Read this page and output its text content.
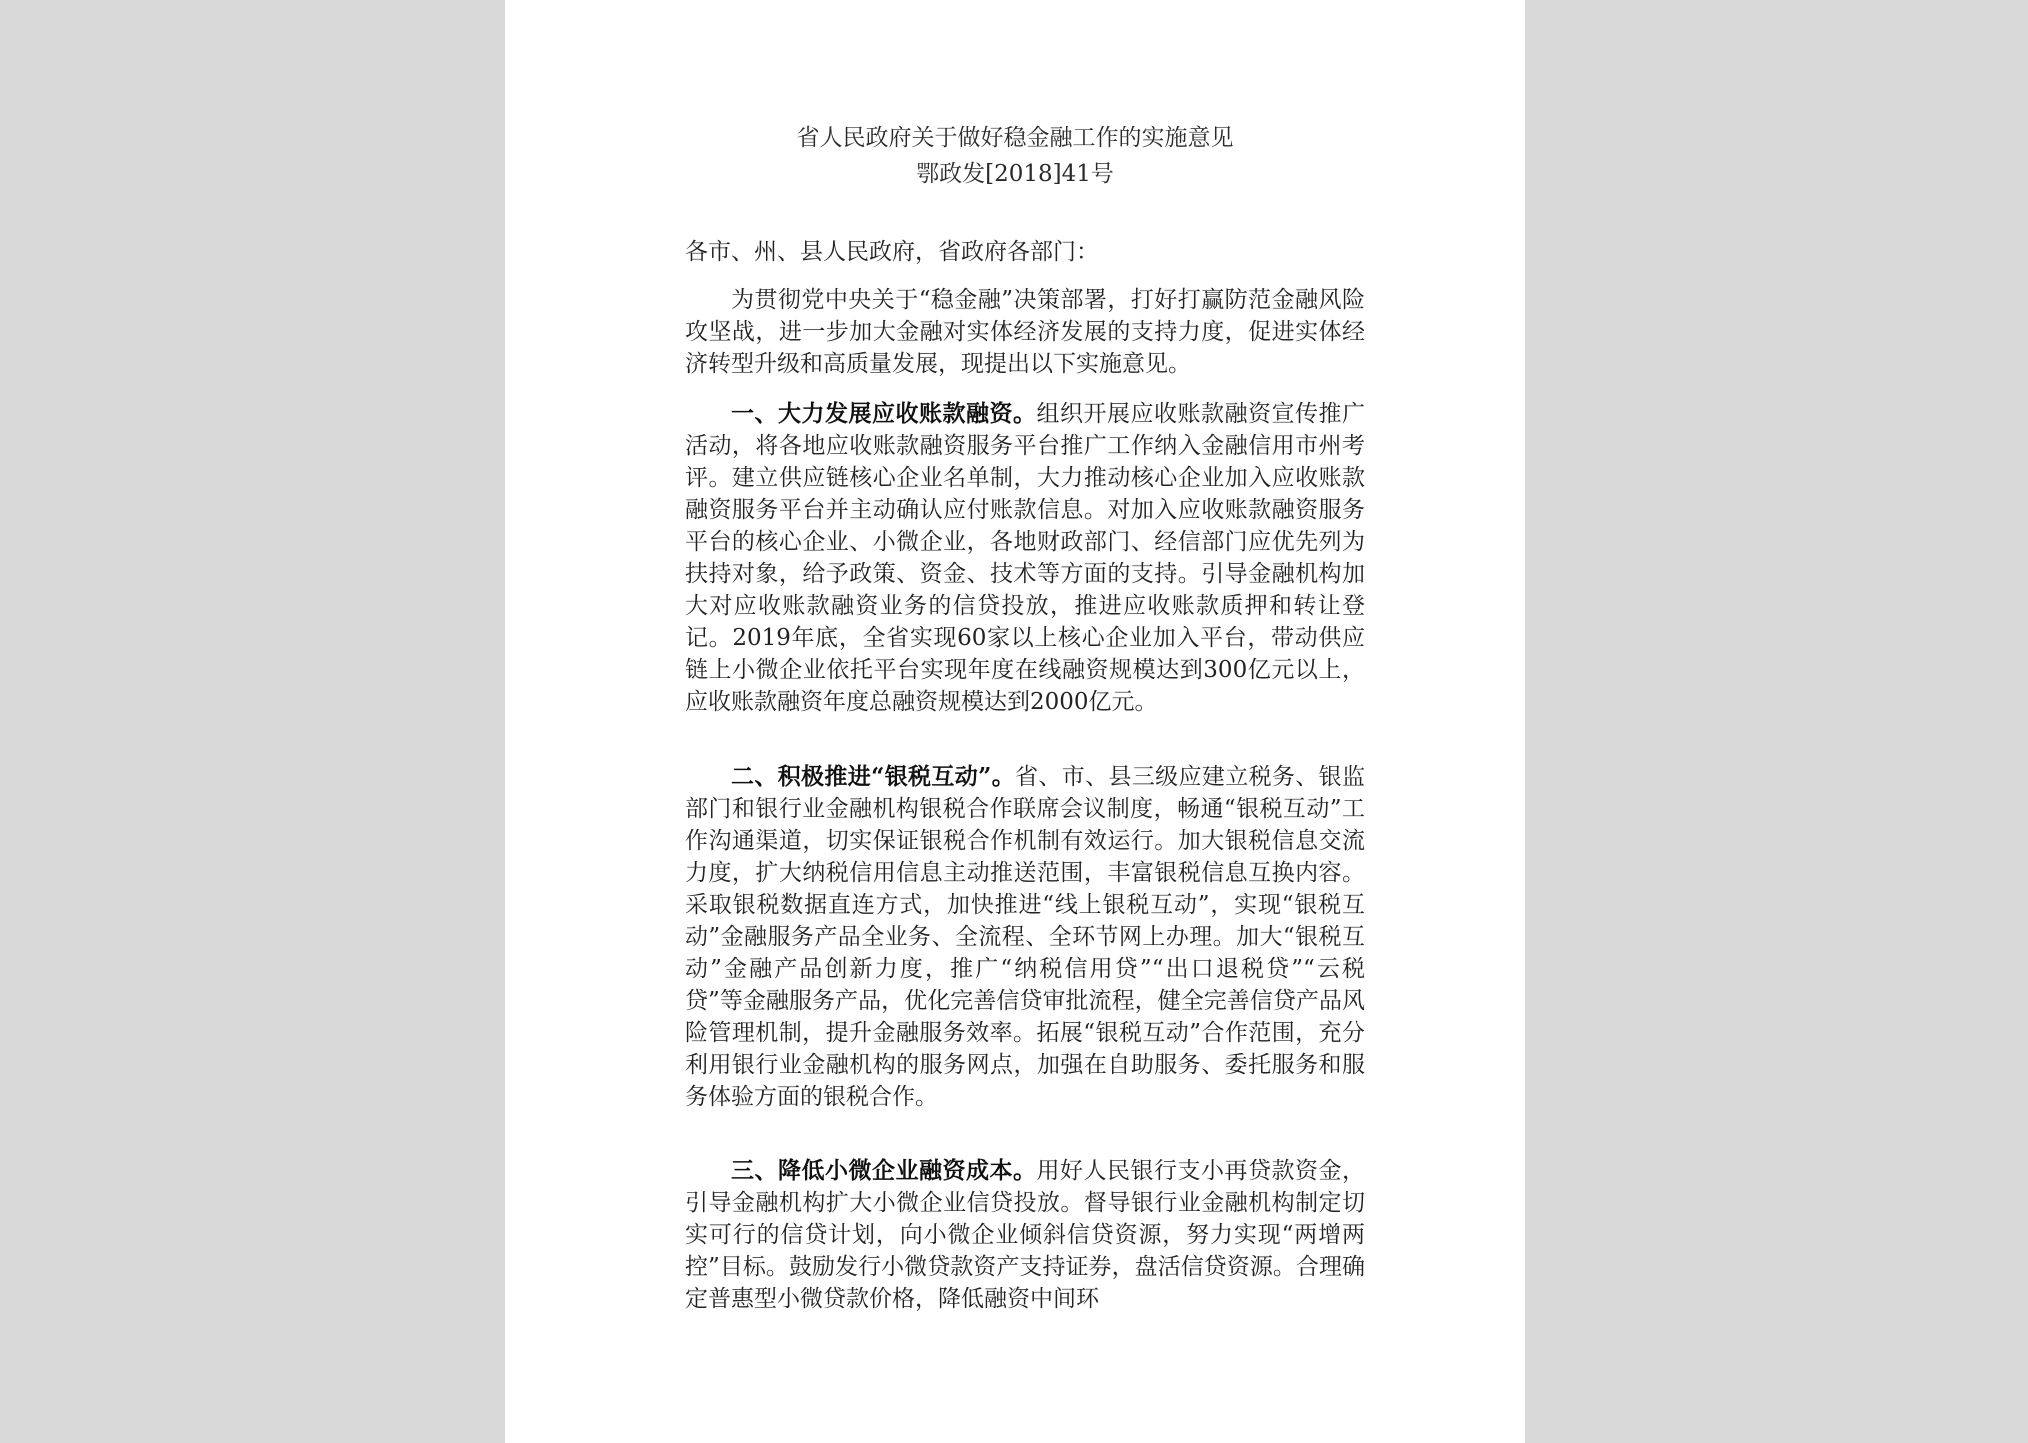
省人民政府关于做好稳金融工作的实施意见
鄂政发[2018]41号

各市、州、县人民政府，省政府各部门：

为贯彻党中央关于“稳金融”决策部署，打好打赢防范金融风险攻坚战，进一步加大金融对实体经济发展的支持力度，促进实体经济转型升级和高质量发展，现提出以下实施意见。

一、大力发展应收账款融资。组织开展应收账款融资宣传推广活动，将各地应收账款融资服务平台推广工作纳入金融信用市州考评。建立供应链核心企业名单制，大力推动核心企业加入应收账款融资服务平台并主动确认应付账款信息。对加入应收账款融资服务平台的核心企业、小微企业，各地财政部门、经信部门应优先列为扶持对象，给予政策、资金、技术等方面的支持。引导金融机构加大对应收账款融资业务的信贷投放，推进应收账款质押和转让登记。2019年底，全省实现60家以上核心企业加入平台，带动供应链上小微企业依托平台实现年度在线融资规模达到300亿元以上，应收账款融资年度总融资规模达到2000亿元。

二、积极推进“银税互动”。省、市、县三级应建立税务、银监部门和银行业金融机构银税合作联席会议制度，畅通“银税互动”工作沟通渠道，切实保证银税合作机制有效运行。加大银税信息交流力度，扩大纳税信用信息主动推送范围，丰富银税信息互换内容。采取银税数据直连方式，加快推进“线上银税互动”，实现“银税互动”金融服务产品全业务、全流程、全环节网上办理。加大“银税互动”金融产品创新力度，推广“纳税信用贷”“出口退税贷”“云税贷”等金融服务产品，优化完善信贷审批流程，健全完善信贷产品风险管理机制，提升金融服务效率。拓展“银税互动”合作范围，充分利用银行业金融机构的服务网点，加强在自助服务、委托服务和服务体验方面的银税合作。

三、降低小微企业融资成本。用好人民银行支小再贷款资金，引导金融机构扩大小微企业信贷投放。督导银行业金融机构制定切实可行的信贷计划，向小微企业倾斜信贷资源，努力实现“两增两控”目标。鼓励发行小微贷款资产支持证券，盘活信贷资源。合理确定普惠型小微贷款价格，降低融资中间环
